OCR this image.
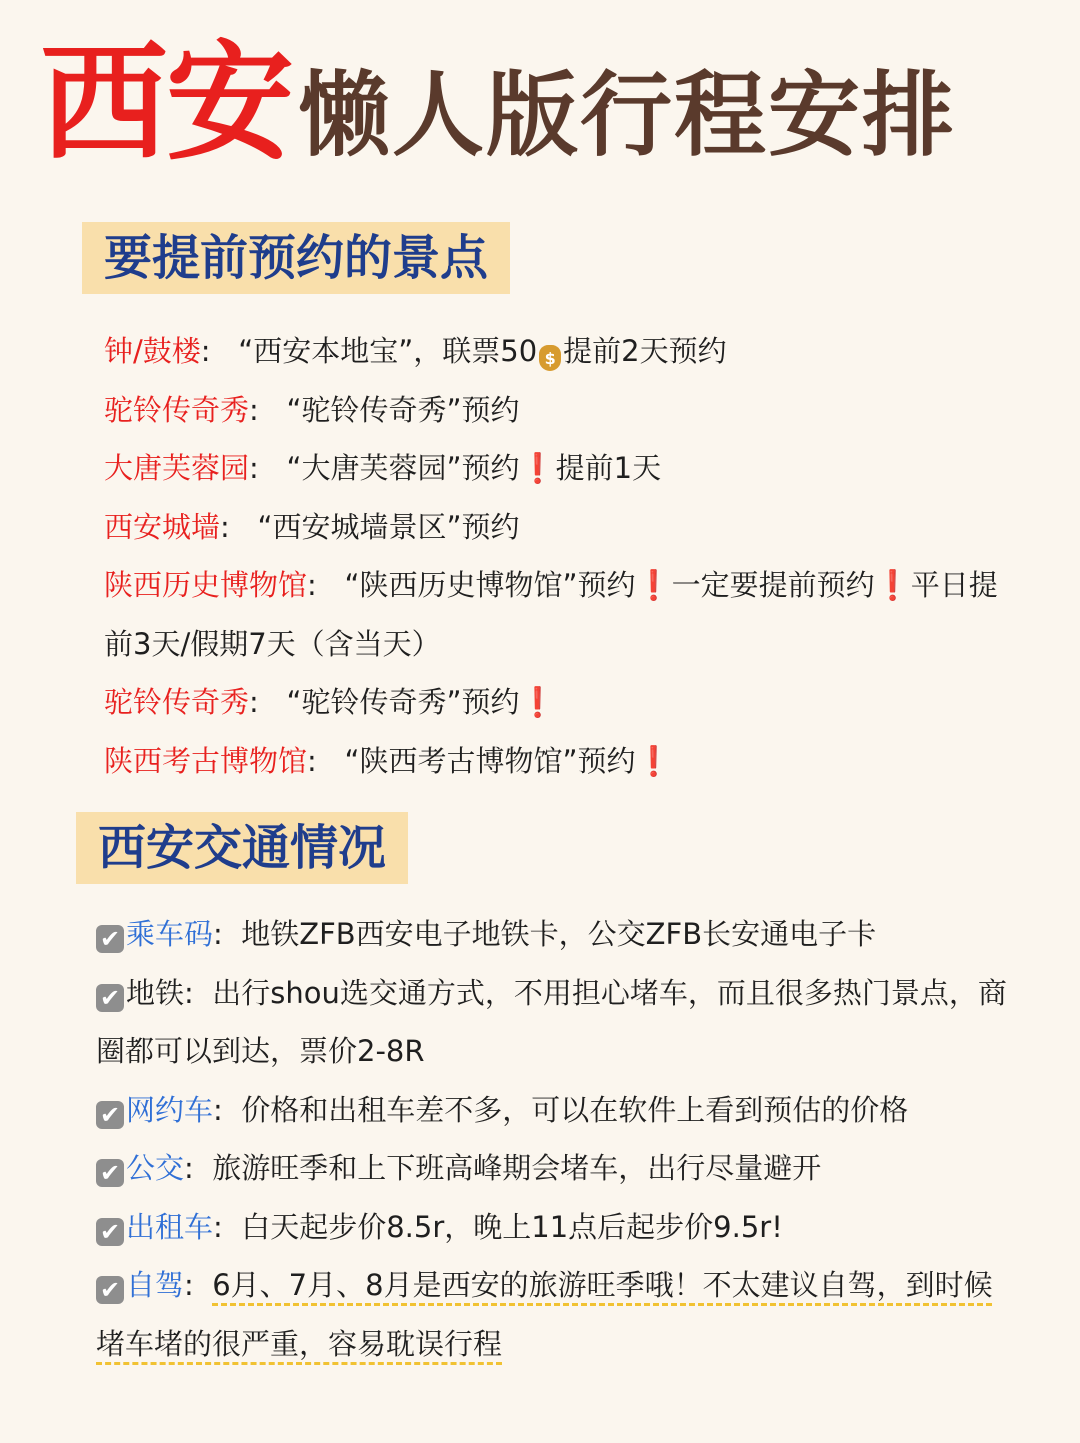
西安懒人版行程安排
要提前预约的景点
钟/鼓楼: “西安本地宝”，联票50 $ 提前2天预约
驼铃传奇秀: “驼铃传奇秀”预约
大唐芙蓉园: “大唐芙蓉园”预约❗提前1天
西安城墙: “西安城墙景区”预约
陕西历史博物馆: “陕西历史博物馆”预约❗一定要提前预约❗平日提前3天/假期7天（含当天）
驼铃传奇秀: “驼铃传奇秀”预约❗
陕西考古博物馆: “陕西考古博物馆”预约❗
西安交通情况
✔ 乘车码: 地铁ZFB西安电子地铁卡，公交ZFB长安通电子卡
✔ 地铁: 出行shou选交通方式，不用担心堵车，而且很多热门景点，商圈都可以到达，票价2-8R
✔ 网约车: 价格和出租车差不多，可以在软件上看到预估的价格
✔ 公交: 旅游旺季和上下班高峰期会堵车，出行尽量避开
✔ 出租车: 白天起步价8.5r，晚上11点后起步价9.5r!
✔ 自驾: 6月、7月、8月是西安的旅游旺季哦！不太建议自驾，到时候堵车堵的很严重，容易耽误行程
